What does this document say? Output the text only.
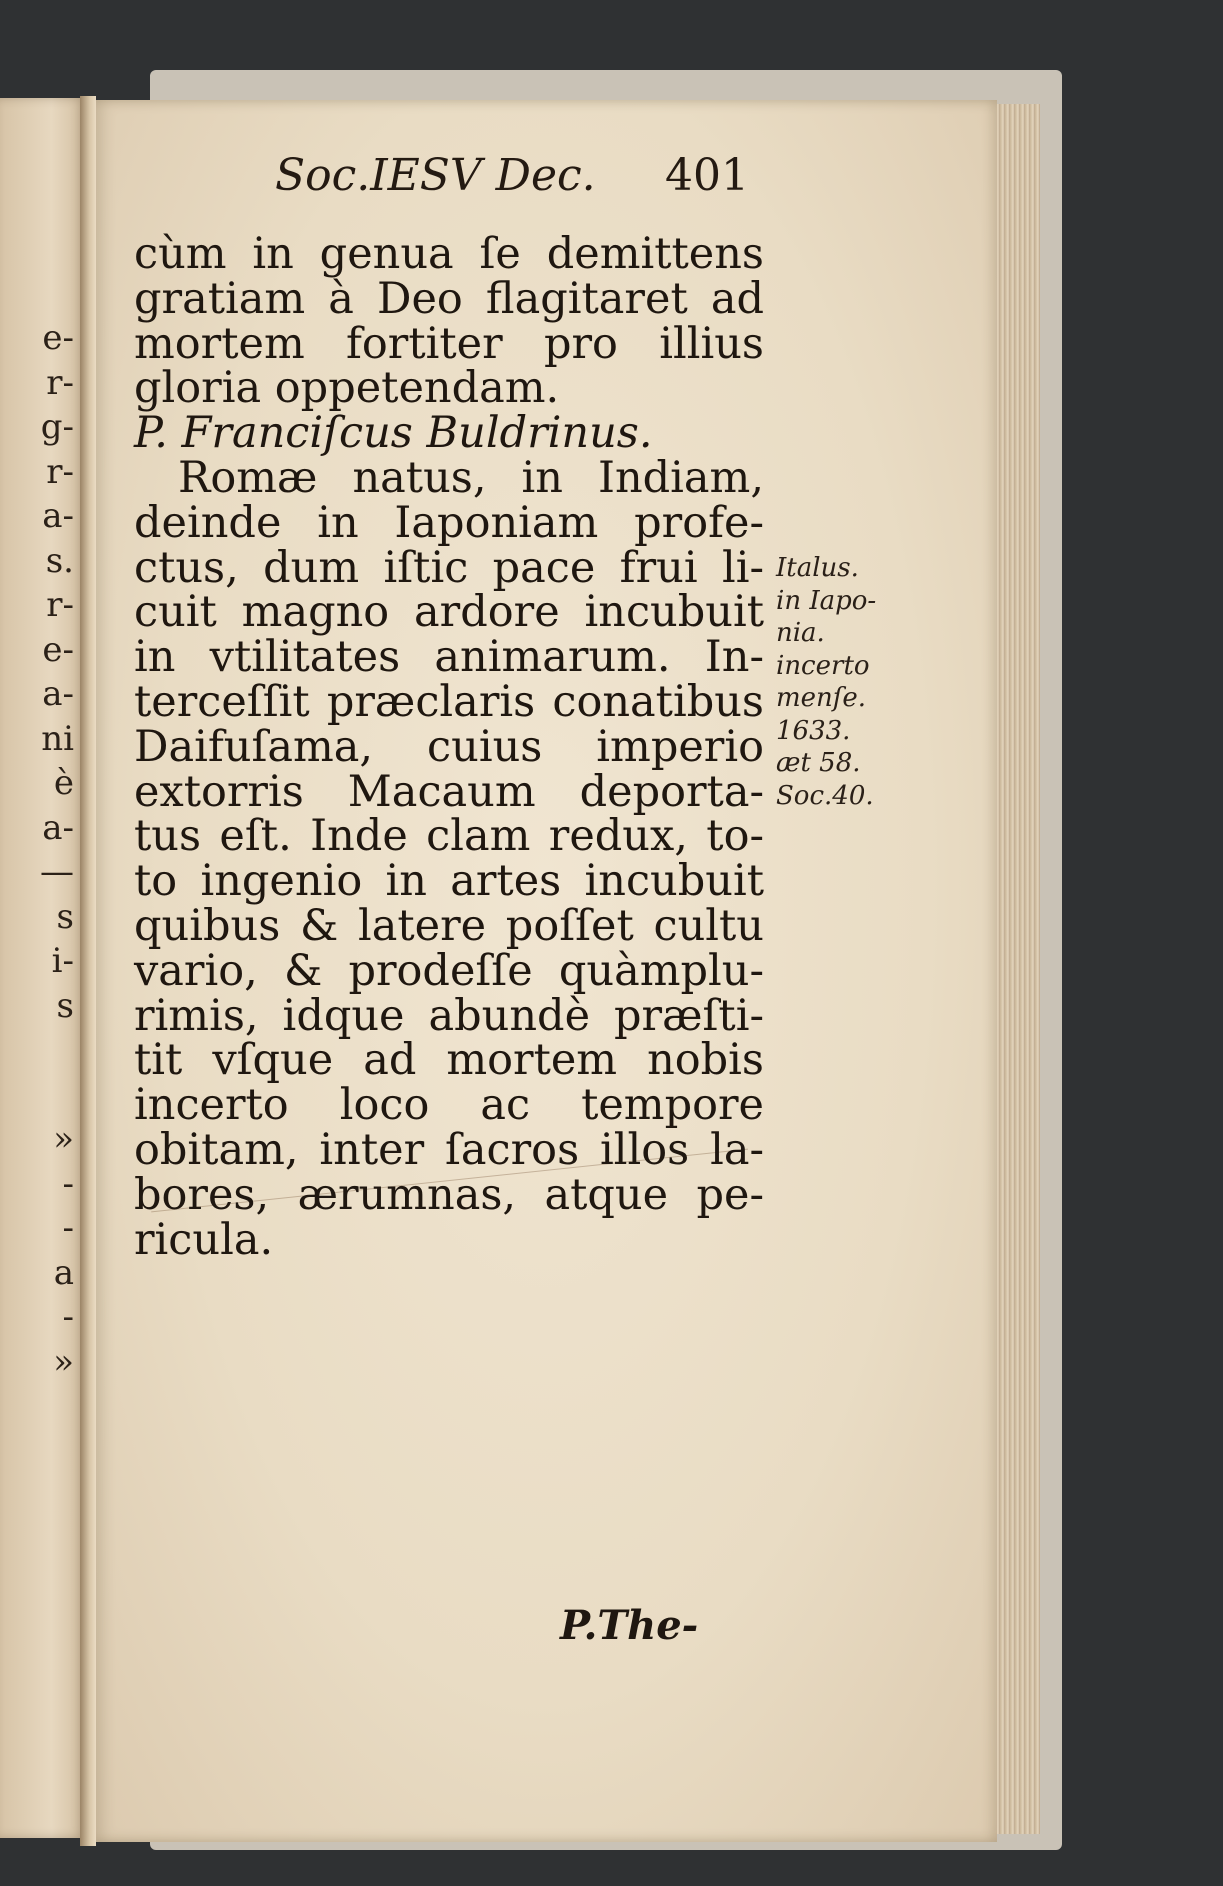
e-
r-
g-
r-
a-
s.
r-
e-
a-
ni
è
a-
—
s
i-
s
»
-
-
a
-
»
Soc.IESV Dec. 401
cùm in genua ſe demittens
gratiam à Deo flagitaret ad
mortem fortiter pro illius
gloria oppetendam.
P. Franciſcus Buldrinus.
Romæ natus, in Indiam,
deinde in Iaponiam profe-
ctus, dum iſtic pace frui li-
cuit magno ardore incubuit
in vtilitates animarum. In-
terceſſit præclaris conatibus
Daifuſama, cuius imperio
extorris Macaum deporta-
tus eſt. Inde clam redux, to-
to ingenio in artes incubuit
quibus & latere poſſet cultu
vario, & prodeſſe quàmplu-
rimis, idque abundè præſti-
tit vſque ad mortem nobis
incerto loco ac tempore
obitam, inter ſacros illos la-
bores, ærumnas, atque pe-
ricula.
Italus.
in Iapo-
nia.
incerto
menſe.
1633.
æt 58.
Soc.40.
P.The-
